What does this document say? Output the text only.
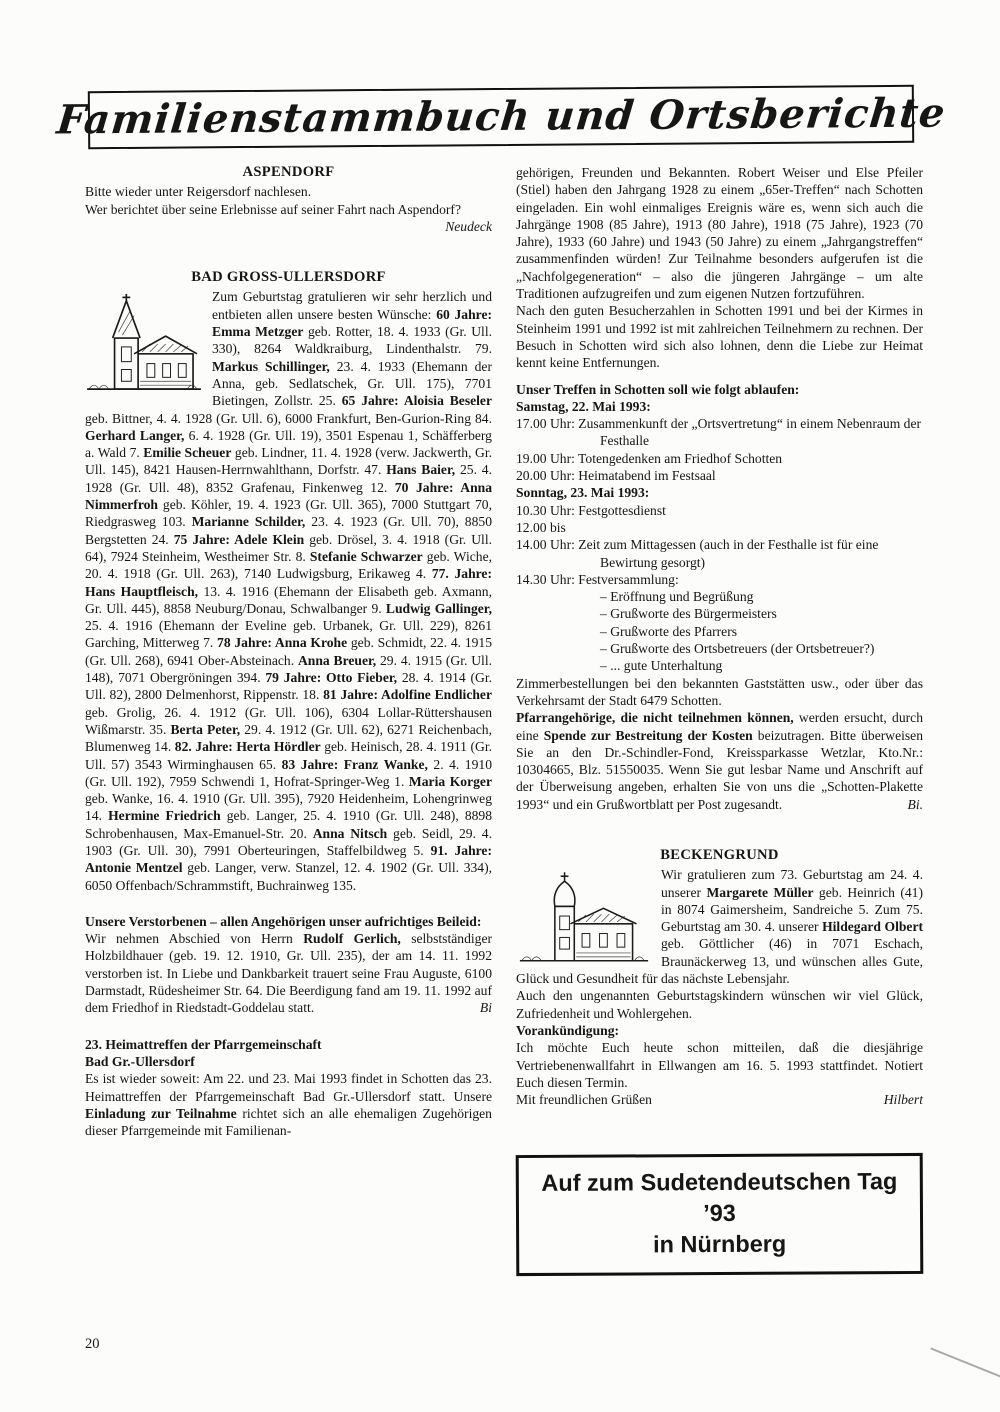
Familienstammbuch und Ortsberichte
ASPENDORF

Bitte wieder unter Reigersdorf nachlesen.

Wer berichtet über seine Erlebnisse auf seiner Fahrt nach Aspendorf?
Neudeck

BAD GROSS-ULLERSDORF
Zum Geburtstag gratulieren wir sehr herzlich und entbieten allen unsere besten Wünsche: 60 Jahre: Emma Metzger geb. Rotter, 18. 4. 1933 (Gr. Ull. 330), 8264 Waldkraiburg, Lindenthalstr. 79. Markus Schillinger, 23. 4. 1933 (Ehemann der Anna, geb. Sedlatschek, Gr. Ull. 175), 7701 Bietingen, Zollstr. 25. 65 Jahre: Aloisia Beseler geb. Bittner, 4. 4. 1928 (Gr. Ull. 6), 6000 Frankfurt, Ben-Gurion-Ring 84. Gerhard Langer, 6. 4. 1928 (Gr. Ull. 19), 3501 Espenau 1, Schäfferberg a. Wald 7. Emilie Scheuer geb. Lindner, 11. 4. 1928 (verw. Jackwerth, Gr. Ull. 145), 8421 Hausen-Herrnwahlthann, Dorfstr. 47. Hans Baier, 25. 4. 1928 (Gr. Ull. 48), 8352 Grafenau, Finkenweg 12. 70 Jahre: Anna Nimmerfroh geb. Köhler, 19. 4. 1923 (Gr. Ull. 365), 7000 Stuttgart 70, Riedgrasweg 103. Marianne Schilder, 23. 4. 1923 (Gr. Ull. 70), 8850 Bergstetten 24. 75 Jahre: Adele Klein geb. Drösel, 3. 4. 1918 (Gr. Ull. 64), 7924 Steinheim, Westheimer Str. 8. Stefanie Schwarzer geb. Wiche, 20. 4. 1918 (Gr. Ull. 263), 7140 Ludwigsburg, Erikaweg 4. 77. Jahre: Hans Hauptfleisch, 13. 4. 1916 (Ehemann der Elisabeth geb. Axmann, Gr. Ull. 445), 8858 Neuburg/Donau, Schwalbanger 9. Ludwig Gallinger, 25. 4. 1916 (Ehemann der Eveline geb. Urbanek, Gr. Ull. 229), 8261 Garching, Mitterweg 7. 78 Jahre: Anna Krohe geb. Schmidt, 22. 4. 1915 (Gr. Ull. 268), 6941 Ober-Absteinach. Anna Breuer, 29. 4. 1915 (Gr. Ull. 148), 7071 Obergröningen 394. 79 Jahre: Otto Fieber, 28. 4. 1914 (Gr. Ull. 82), 2800 Delmenhorst, Rippenstr. 18. 81 Jahre: Adolfine Endlicher geb. Grolig, 26. 4. 1912 (Gr. Ull. 106), 6304 Lollar-Rüttershausen Wißmarstr. 35. Berta Peter, 29. 4. 1912 (Gr. Ull. 62), 6271 Reichenbach, Blumenweg 14. 82. Jahre: Herta Hördler geb. Heinisch, 28. 4. 1911 (Gr. Ull. 57) 3543 Wirminghausen 65. 83 Jahre: Franz Wanke, 2. 4. 1910 (Gr. Ull. 192), 7959 Schwendi 1, Hofrat-Springer-Weg 1. Maria Korger geb. Wanke, 16. 4. 1910 (Gr. Ull. 395), 7920 Heidenheim, Lohengrinweg 14. Hermine Friedrich geb. Langer, 25. 4. 1910 (Gr. Ull. 248), 8898 Schrobenhausen, Max-Emanuel-Str. 20. Anna Nitsch geb. Seidl, 29. 4. 1903 (Gr. Ull. 30), 7991 Oberteuringen, Staffelbildweg 5. 91. Jahre: Antonie Mentzel geb. Langer, verw. Stanzel, 12. 4. 1902 (Gr. Ull. 334), 6050 Offenbach/Schrammstift, Buchrainweg 135.

Unsere Verstorbenen – allen Angehörigen unser aufrichtiges Beileid:

Wir nehmen Abschied von Herrn Rudolf Gerlich, selbstständiger Holzbildhauer (geb. 19. 12. 1910, Gr. Ull. 235), der am 14. 11. 1992 verstorben ist. In Liebe und Dankbarkeit trauert seine Frau Auguste, 6100 Darmstadt, Rüdesheimer Str. 64. Die Beerdigung fand am 19. 11. 1992 auf dem Friedhof in Riedstadt-Goddelau statt.	Bi

23. Heimattreffen der Pfarrgemeinschaft

Bad Gr.-Ullersdorf

Es ist wieder soweit: Am 22. und 23. Mai 1993 findet in Schotten das 23. Heimattreffen der Pfarrgemeinschaft Bad Gr.-Ullersdorf statt. Unsere Einladung zur Teilnahme richtet sich an alle ehemaligen Zugehörigen dieser Pfarrgemeinde mit Familienan-

gehörigen, Freunden und Bekannten. Robert Weiser und Else Pfeiler (Stiel) haben den Jahrgang 1928 zu einem „65er-Treffen“ nach Schotten eingeladen. Ein wohl einmaliges Ereignis wäre es, wenn sich auch die Jahrgänge 1908 (85 Jahre), 1913 (80 Jahre), 1918 (75 Jahre), 1923 (70 Jahre), 1933 (60 Jahre) und 1943 (50 Jahre) zu einem „Jahrgangstreffen“ zusammenfinden würden! Zur Teilnahme besonders aufgerufen ist die „Nachfolgegeneration“ – also die jüngeren Jahrgänge – um alte Traditionen aufzugreifen und zum eigenen Nutzen fortzuführen.

Nach den guten Besucherzahlen in Schotten 1991 und bei der Kirmes in Steinheim 1991 und 1992 ist mit zahlreichen Teilnehmern zu rechnen. Der Besuch in Schotten wird sich also lohnen, denn die Liebe zur Heimat kennt keine Entfernungen.

Unser Treffen in Schotten soll wie folgt ablaufen:

Samstag, 22. Mai 1993:

17.00 Uhr: Zusammenkunft der „Ortsvertretung“ in einem Nebenraum der Festhalle

19.00 Uhr: Totengedenken am Friedhof Schotten

20.00 Uhr: Heimatabend im Festsaal

Sonntag, 23. Mai 1993:

10.30 Uhr: Festgottesdienst

12.00 bis

14.00 Uhr: Zeit zum Mittagessen (auch in der Festhalle ist für eine Bewirtung gesorgt)

14.30 Uhr: Festversammlung:

– Eröffnung und Begrüßung

– Grußworte des Bürgermeisters

– Grußworte des Pfarrers

– Grußworte des Ortsbetreuers (der Ortsbetreuer?)

– ... gute Unterhaltung

Zimmerbestellungen bei den bekannten Gaststätten usw., oder über das Verkehrsamt der Stadt 6479 Schotten.

Pfarrangehörige, die nicht teilnehmen können, werden ersucht, durch eine Spende zur Bestreitung der Kosten beizutragen. Bitte überweisen Sie an den Dr.-Schindler-Fond, Kreissparkasse Wetzlar, Kto.Nr.: 10304665, Blz. 51550035. Wenn Sie gut lesbar Name und Anschrift auf der Überweisung angeben, erhalten Sie von uns die „Schotten-Plakette 1993“ und ein Grußwortblatt per Post zugesandt.	Bi.

BECKENGRUND
Wir gratulieren zum 73. Geburtstag am 24. 4. unserer Margarete Müller geb. Heinrich (41) in 8074 Gaimersheim, Sandreiche 5. Zum 75. Geburtstag am 30. 4. unserer Hildegard Olbert geb. Göttlicher (46) in 7071 Eschach, Braunäckerweg 13, und wünschen alles Gute, Glück und Gesundheit für das nächste Lebensjahr.

Auch den ungenannten Geburtstagskindern wünschen wir viel Glück, Zufriedenheit und Wohlergehen.

Vorankündigung:

Ich möchte Euch heute schon mitteilen, daß die diesjährige Vertriebenenwallfahrt in Ellwangen am 16. 5. 1993 stattfindet. Notiert Euch diesen Termin.

Mit freundlichen Grüßen	Hilbert

Auf zum Sudetendeutschen Tag ’93
in Nürnberg
20
